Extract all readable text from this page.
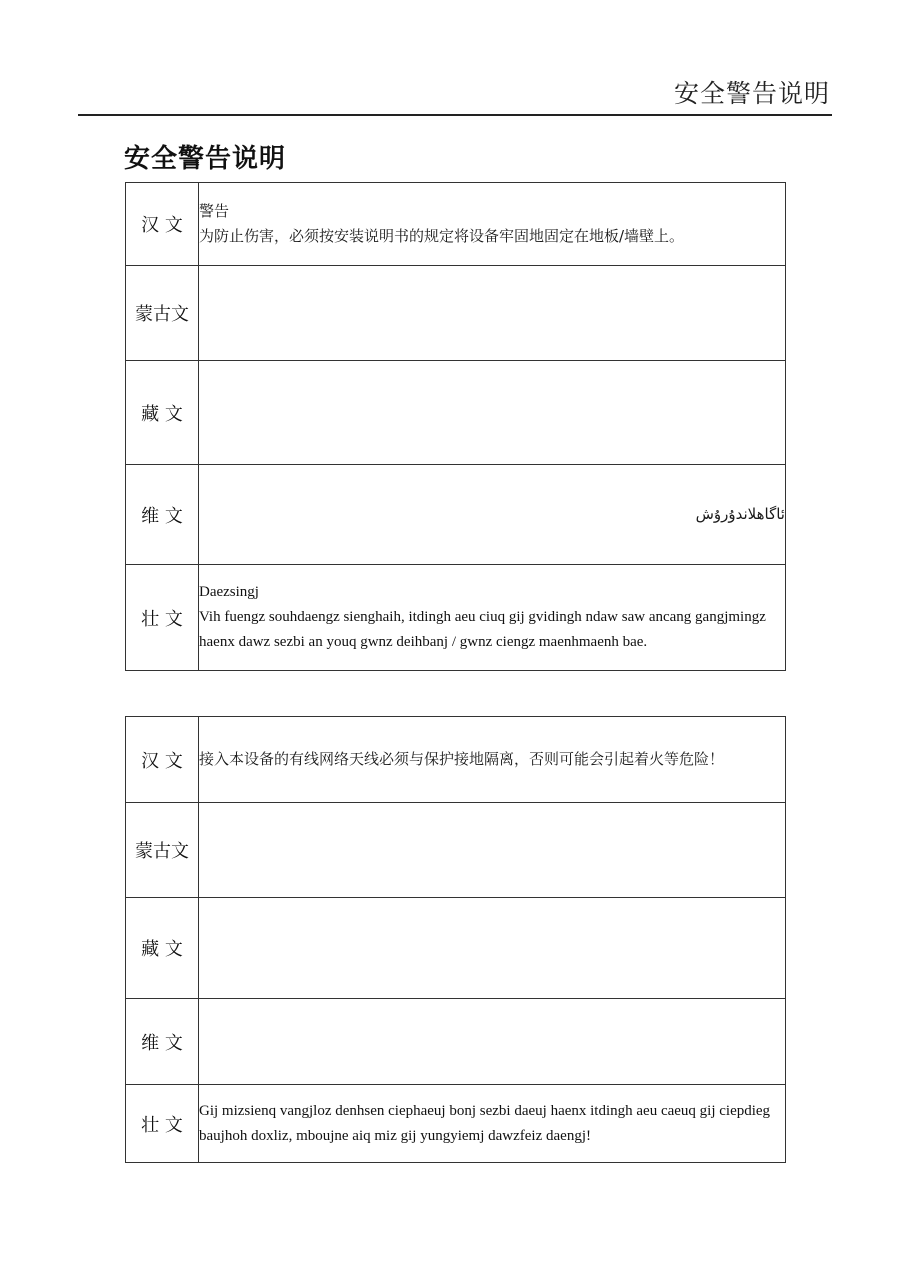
安全警告说明
安全警告说明
汉 文	警告
为防止伤害，必须按安装说明书的规定将设备牢固地固定在地板/墙壁上。

蒙古文	

藏 文	

维 文	ئاگاھلاندۇرۇش

壮 文	Daezsingj
Vih fuengz souhdaengz sienghaih, itdingh aeu ciuq gij gvidingh ndaw saw ancang gangjmingz haenx dawz sezbi an youq gwnz deihbanj / gwnz ciengz maenhmaenh bae.
汉 文	接入本设备的有线网络天线必须与保护接地隔离，否则可能会引起着火等危险！

蒙古文	

藏 文	

维 文	

壮 文	Gij mizsienq vangjloz denhsen ciephaeuj bonj sezbi daeuj haenx itdingh aeu caeuq gij ciepdieg baujhoh doxliz, mboujne aiq miz gij yungyiemj dawzfeiz daengj!
